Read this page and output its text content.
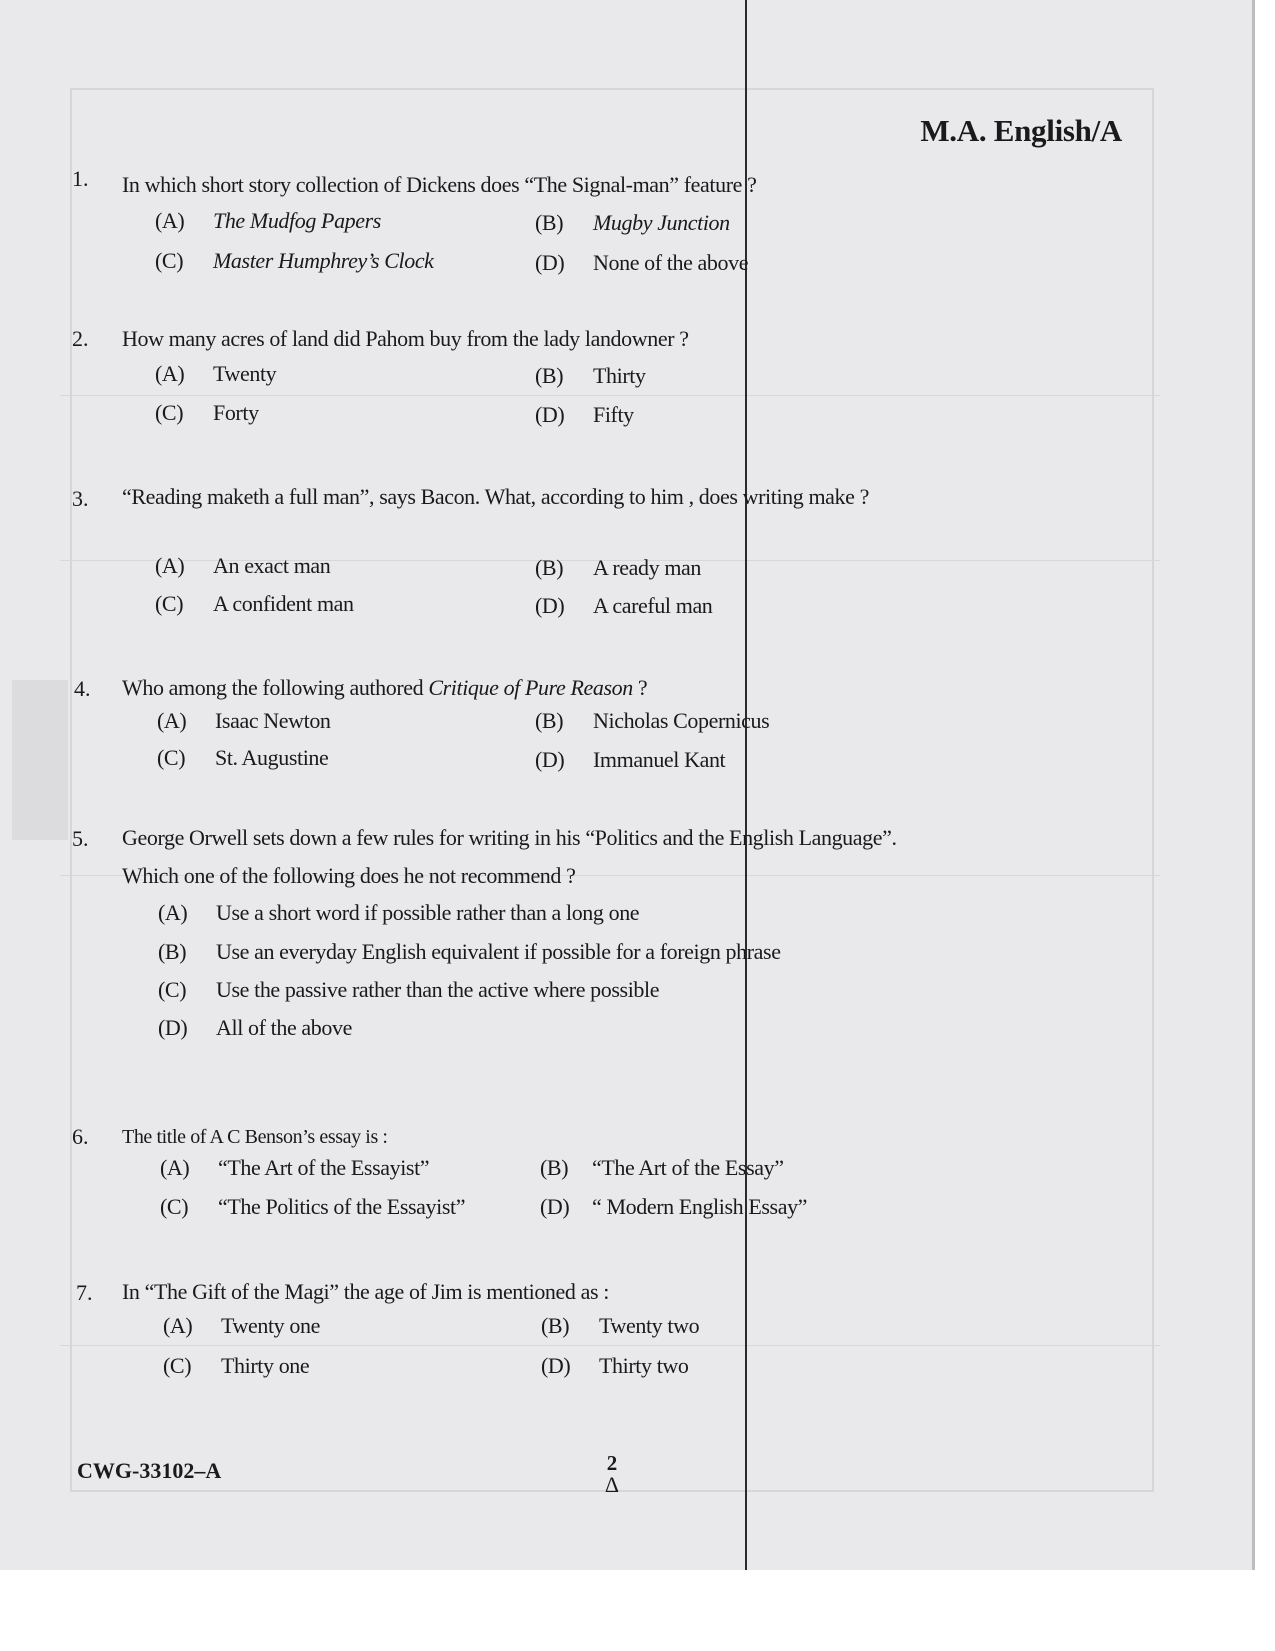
M.A. English/A
1. In which short story collection of Dickens does “The Signal-man” feature ?
(A) The Mudfog Papers	(B) Mugby Junction
(C) Master Humphrey’s Clock	(D) None of the above
2. How many acres of land did Pahom buy from the lady landowner ?
(A) Twenty	(B) Thirty
(C) Forty	(D) Fifty
3. “Reading maketh a full man”, says Bacon. What, according to him , does writing make ?
(A) An exact man	(B) A ready man
(C) A confident man	(D) A careful man
4. Who among the following authored Critique of Pure Reason ?
(A) Isaac Newton	(B) Nicholas Copernicus
(C) St. Augustine	(D) Immanuel Kant
5. George Orwell sets down a few rules for writing in his “Politics and the English Language”. Which one of the following does he not recommend ?
(A) Use a short word if possible rather than a long one
(B) Use an everyday English equivalent if possible for a foreign phrase
(C) Use the passive rather than the active where possible
(D) All of the above
6. The title of A C Benson’s essay is :
(A) “The Art of the Essayist”	(B) “The Art of the Essay”
(C) “The Politics of the Essayist”	(D) “ Modern English Essay”
7. In “The Gift of the Magi” the age of Jim is mentioned as :
(A) Twenty one	(B) Twenty two
(C) Thirty one	(D) Thirty two
CWG-33102–A	2
Δ
